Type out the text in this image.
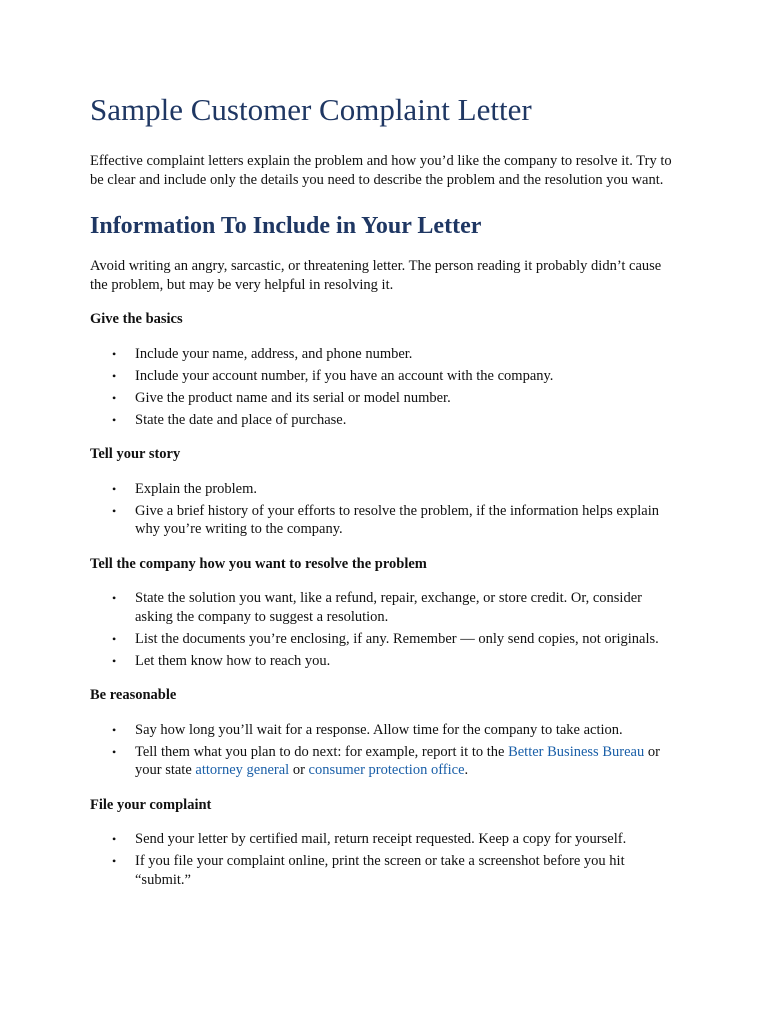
Sample Customer Complaint Letter

Effective complaint letters explain the problem and how you’d like the company to resolve it. Try to be clear and include only the details you need to describe the problem and the resolution you want.

Information To Include in Your Letter

Avoid writing an angry, sarcastic, or threatening letter. The person reading it probably didn’t cause the problem, but may be very helpful in resolving it.

Give the basics

• Include your name, address, and phone number.
• Include your account number, if you have an account with the company.
• Give the product name and its serial or model number.
• State the date and place of purchase.

Tell your story

• Explain the problem.
• Give a brief history of your efforts to resolve the problem, if the information helps explain why you’re writing to the company.

Tell the company how you want to resolve the problem

• State the solution you want, like a refund, repair, exchange, or store credit. Or, consider asking the company to suggest a resolution.
• List the documents you’re enclosing, if any. Remember — only send copies, not originals.
• Let them know how to reach you.

Be reasonable

• Say how long you’ll wait for a response. Allow time for the company to take action.
• Tell them what you plan to do next: for example, report it to the Better Business Bureau or your state attorney general or consumer protection office.

File your complaint

• Send your letter by certified mail, return receipt requested. Keep a copy for yourself.
• If you file your complaint online, print the screen or take a screenshot before you hit “submit.”
